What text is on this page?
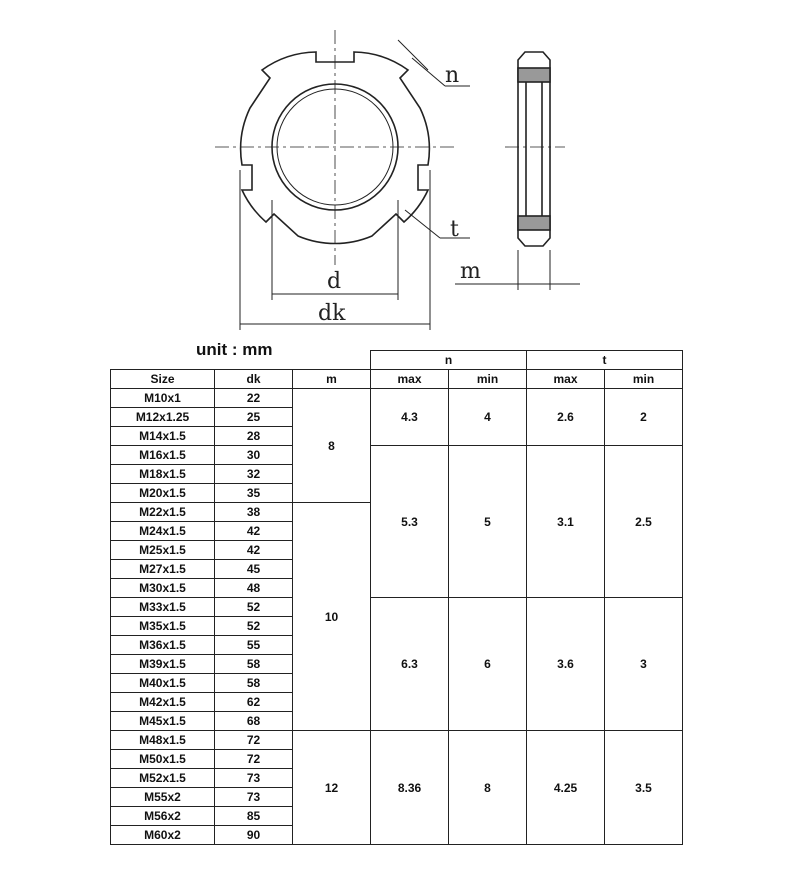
n
t
m
d
dk
unit : mm
			n		t	
Size	dk	m	max	min	max	min
M10x1	22	8	4.3	4	2.6	2
M12x1.25	25					
M14x1.5	28					
M16x1.5	30		5.3	5	3.1	2.5
M18x1.5	32					
M20x1.5	35					
M22x1.5	38	10				
M24x1.5	42					
M25x1.5	42					
M27x1.5	45					
M30x1.5	48					
M33x1.5	52		6.3	6	3.6	3
M35x1.5	52					
M36x1.5	55					
M39x1.5	58					
M40x1.5	58					
M42x1.5	62					
M45x1.5	68					
M48x1.5	72	12	8.36	8	4.25	3.5
M50x1.5	72					
M52x1.5	73					
M55x2	73					
M56x2	85					
M60x2	90					
